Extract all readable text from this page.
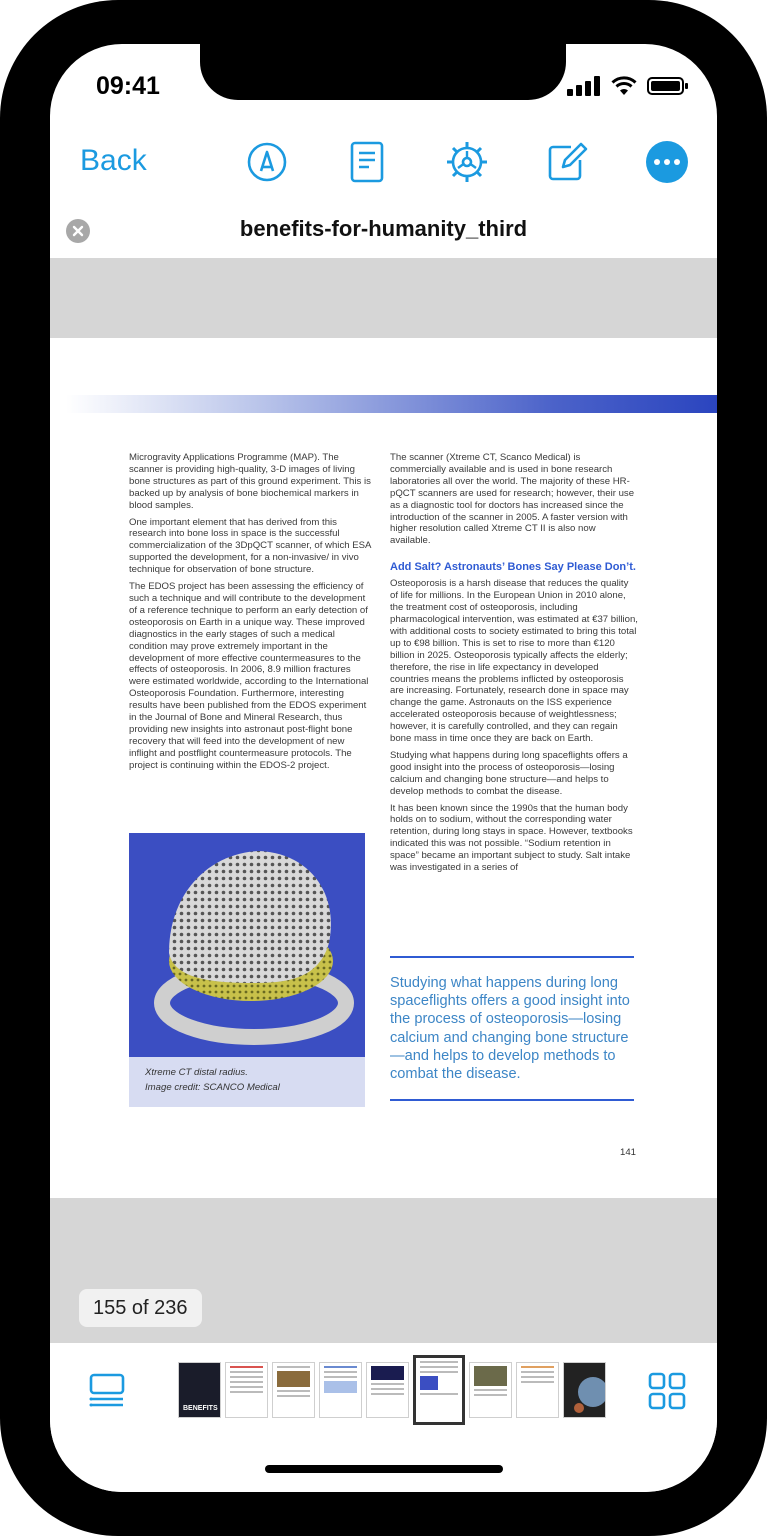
09:41
Back
benefits-for-humanity_third

Microgravity Applications Programme (MAP). The scanner is providing high-quality, 3-D images of living bone structures as part of this ground experiment. This is backed up by analysis of bone biochemical markers in blood samples.

One important element that has derived from this research into bone loss in space is the successful commercialization of the 3DpQCT scanner, of which ESA supported the development, for a non-invasive/ in vivo technique for observation of bone structure.

The EDOS project has been assessing the efficiency of such a technique and will contribute to the development of a reference technique to perform an early detection of osteoporosis on Earth in a unique way. These improved diagnostics in the early stages of such a medical condition may prove extremely important in the development of more effective countermeasures to the effects of osteoporosis. In 2006, 8.9 million fractures were estimated worldwide, according to the International Osteoporosis Foundation. Furthermore, interesting results have been published from the EDOS experiment in the Journal of Bone and Mineral Research, thus providing new insights into astronaut post-flight bone recovery that will feed into the development of new inflight and postflight countermeasure protocols. The project is continuing within the EDOS-2 project.

The scanner (Xtreme CT, Scanco Medical) is commercially available and is used in bone research laboratories all over the world. The majority of these HR-pQCT scanners are used for research; however, their use as a diagnostic tool for doctors has increased since the introduction of the scanner in 2005. A faster version with higher resolution called Xtreme CT II is also now available.

Add Salt? Astronauts’ Bones Say Please Don’t.

Osteoporosis is a harsh disease that reduces the quality of life for millions. In the European Union in 2010 alone, the treatment cost of osteoporosis, including pharmacological intervention, was estimated at €37 billion, with additional costs to society estimated to bring this total up to €98 billion. This is set to rise to more than €120 billion in 2025. Osteoporosis typically affects the elderly; therefore, the rise in life expectancy in developed countries means the problems inflicted by osteoporosis are increasing. Fortunately, research done in space may change the game. Astronauts on the ISS experience accelerated osteoporosis because of weightlessness; however, it is carefully controlled, and they can regain bone mass in time once they are back on Earth.

Studying what happens during long spaceflights offers a good insight into the process of osteoporosis—losing calcium and changing bone structure—and helps to develop methods to combat the disease.

It has been known since the 1990s that the human body holds on to sodium, without the corresponding water retention, during long stays in space. However, textbooks indicated this was not possible. “Sodium retention in space” became an important subject to study. Salt intake was investigated in a series of

Xtreme CT distal radius.
Image credit: SCANCO Medical
Studying what happens during long spaceflights offers a good insight into the process of osteoporosis—losing calcium and changing bone structure—and helps to develop methods to combat the disease.
141
155 of 236
BENEFITS
